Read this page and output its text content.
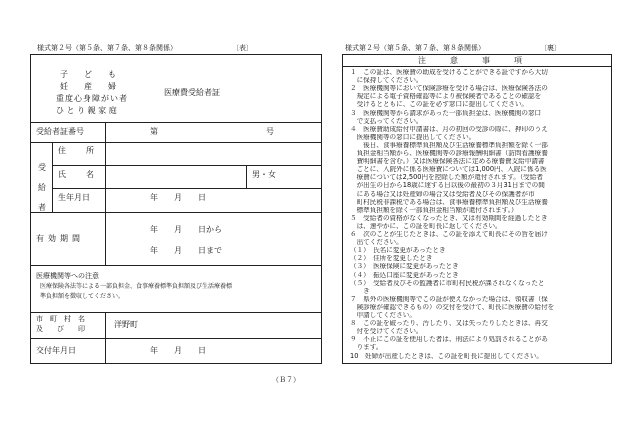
様式第２号（第５条、第７条、第８条関係）	〔表〕
子　　ど　　も
妊　　産　　婦
重度心身障がい者
ひ と り 親 家 庭
医療費受給者証
受給者証番号	第	号
受給者
住　所
氏　名	男・女
生年月日	年　　月　　日
有効期間
年　　月　　日から
年　　月　　日まで
医療機関等への注意
医療保険各法等による一部負担金、食事療養標準負担額及び生活療養標
準負担額を徴収してください。
市　町　村　名
及　　び　　印	洋野町
交付年月日	年　　月　　日
（Ｂ７）
様式第２号（第５条、第７条、第８条関係）	〔裏〕
注　　　意　　　事　　　項
１　この証は、医療費の助成を受けることができる証ですから大切
　に保持してください。
２　医療機関等において保険診療を受ける場合は、医療保険各法の
　規定による電子資格確認等により被保険者であることの確認を
　受けるとともに、この証を必ず窓口に提出してください。
３　医療機関等から請求があった一部負担金は、医療機関の窓口
　で支払ってください。
４　医療費助成給付申請書は、月の初回の受診の際に、押印のうえ
　医療機関等の窓口に提出してください。
　　後日、食事療養標準負担額及び生活療養標準負担額を除く一部
　負担金相当額から、医療機関等の診療報酬明細書（訪問看護療養
　費明細書を含む。）又は医療保険各法に定める療養費支給申請書
　ごとに、入院外に係る医療費については1,000円、入院に係る医
　療費については2,500円を控除した額が還付されます。（受給者
　が出生の日から18歳に達する日以後の最初の３月31日までの間
　にある場合又は妊産婦の場合又は受給者及びその保護者が市
　町村民税非課税である場合は、食事療養標準負担額及び生活療養
　標準負担額を除く一部負担金相当額が還付されます。）
５　受給者の資格がなくなったとき、又は有効期間を経過したとき
　は、速やかに、この証を町長に返してください。
６　次のことが生じたときは、この証を添えて町長にその旨を届け
　出てください。
（１）　氏名に変更があったとき
（２）　住所を変更したとき
（３）　医療保険に変更があったとき
（４）　振込口座に変更があったとき
（５）　受給者及びその監護者に市町村民税が課されなくなったと
　　き
７　県外の医療機関等でこの証が使えなかった場合は、領収書（保
　険診療が確認できるもの）の交付を受けて、町長に医療費の給付を
　申請してください。
８　この証を破ったり、汚したり、又は失ったりしたときは、再交
　付を受けてください。
９　不正にこの証を使用した者は、刑法により処罰されることがあ
　ります。
10　妊婦が出産したときは、この証を町長に提出してください。
